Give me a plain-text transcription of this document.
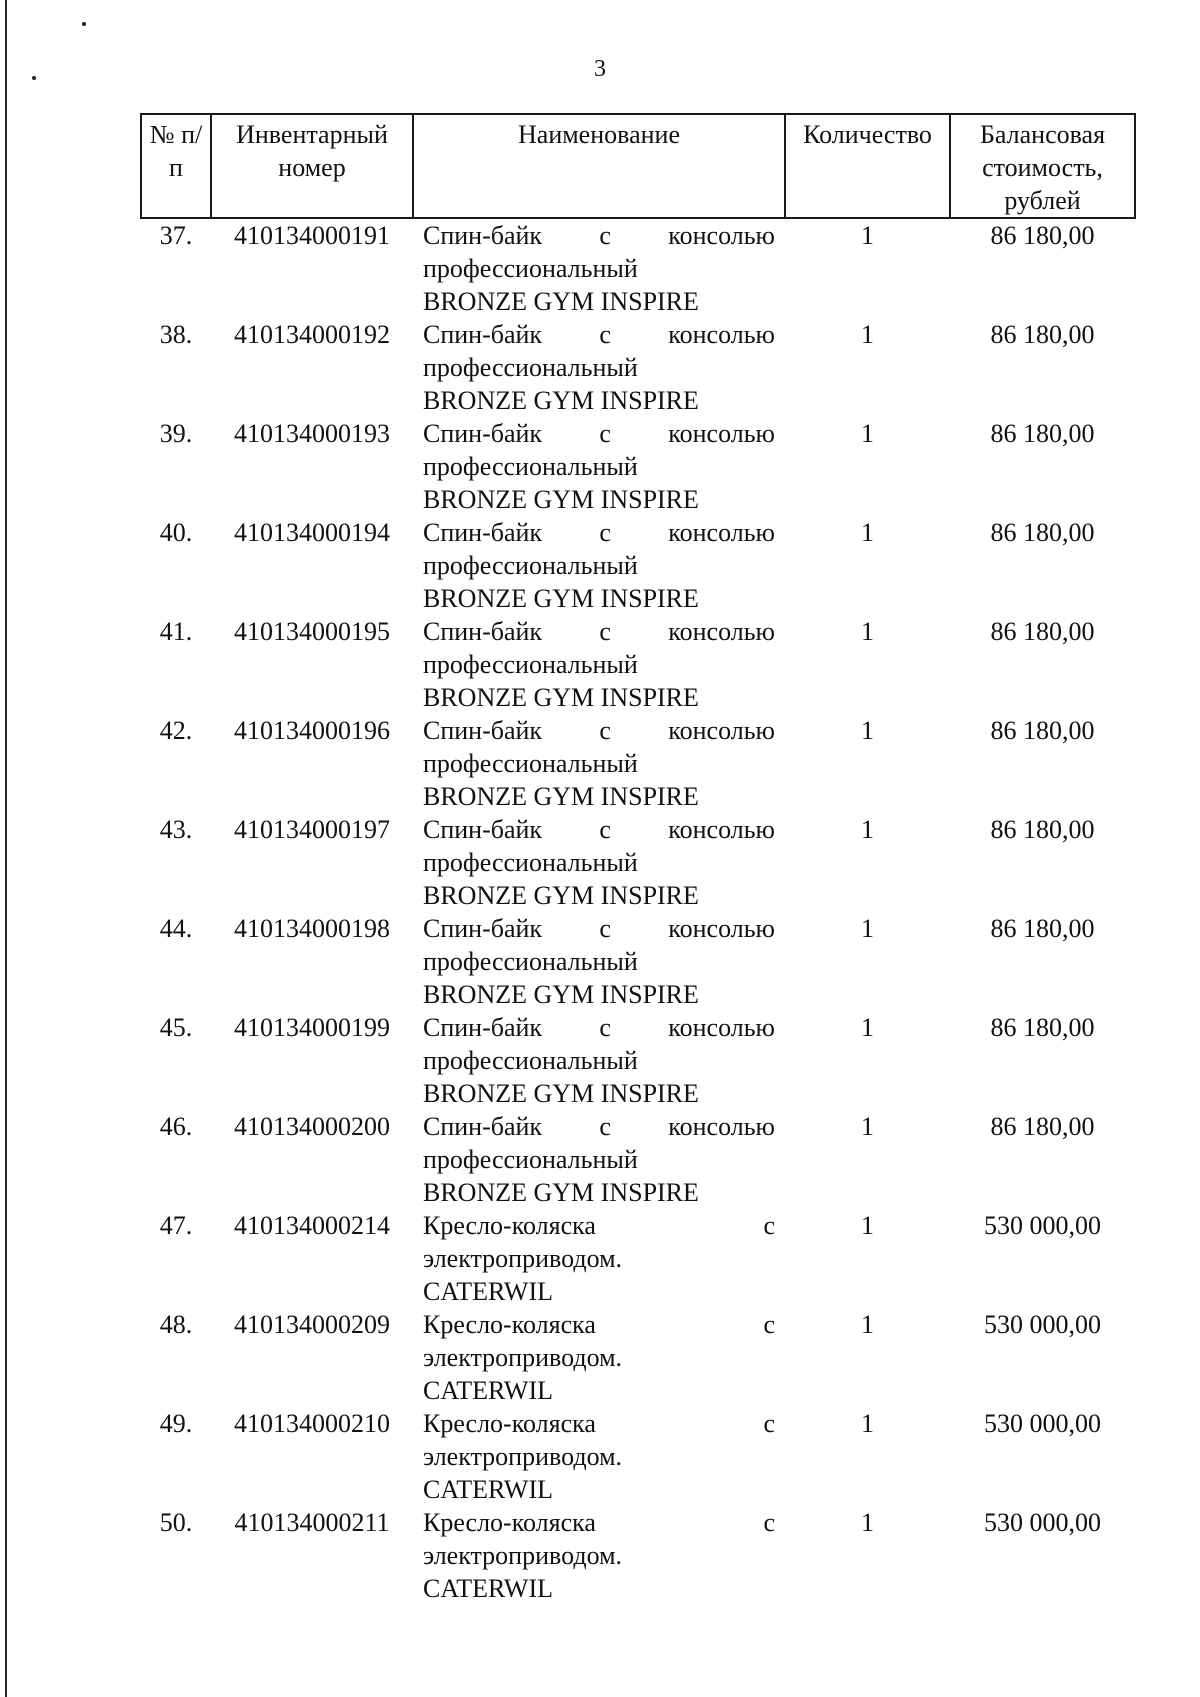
3
№ п/п	Инвентарный номер	Наименование	Количество	Балансовая стоимость, рублей
37.	410134000191	Спин-байк с консолью
профессиональный
BRONZE GYM INSPIRE	1	86 180,00
38.	410134000192	Спин-байк с консолью
профессиональный
BRONZE GYM INSPIRE	1	86 180,00
39.	410134000193	Спин-байк с консолью
профессиональный
BRONZE GYM INSPIRE	1	86 180,00
40.	410134000194	Спин-байк с консолью
профессиональный
BRONZE GYM INSPIRE	1	86 180,00
41.	410134000195	Спин-байк с консолью
профессиональный
BRONZE GYM INSPIRE	1	86 180,00
42.	410134000196	Спин-байк с консолью
профессиональный
BRONZE GYM INSPIRE	1	86 180,00
43.	410134000197	Спин-байк с консолью
профессиональный
BRONZE GYM INSPIRE	1	86 180,00
44.	410134000198	Спин-байк с консолью
профессиональный
BRONZE GYM INSPIRE	1	86 180,00
45.	410134000199	Спин-байк с консолью
профессиональный
BRONZE GYM INSPIRE	1	86 180,00
46.	410134000200	Спин-байк с консолью
профессиональный
BRONZE GYM INSPIRE	1	86 180,00
47.	410134000214	Кресло-коляска с
электроприводом.
CATERWIL	1	530 000,00
48.	410134000209	Кресло-коляска с
электроприводом.
CATERWIL	1	530 000,00
49.	410134000210	Кресло-коляска с
электроприводом.
CATERWIL	1	530 000,00
50.	410134000211	Кресло-коляска с
электроприводом.
CATERWIL	1	530 000,00
